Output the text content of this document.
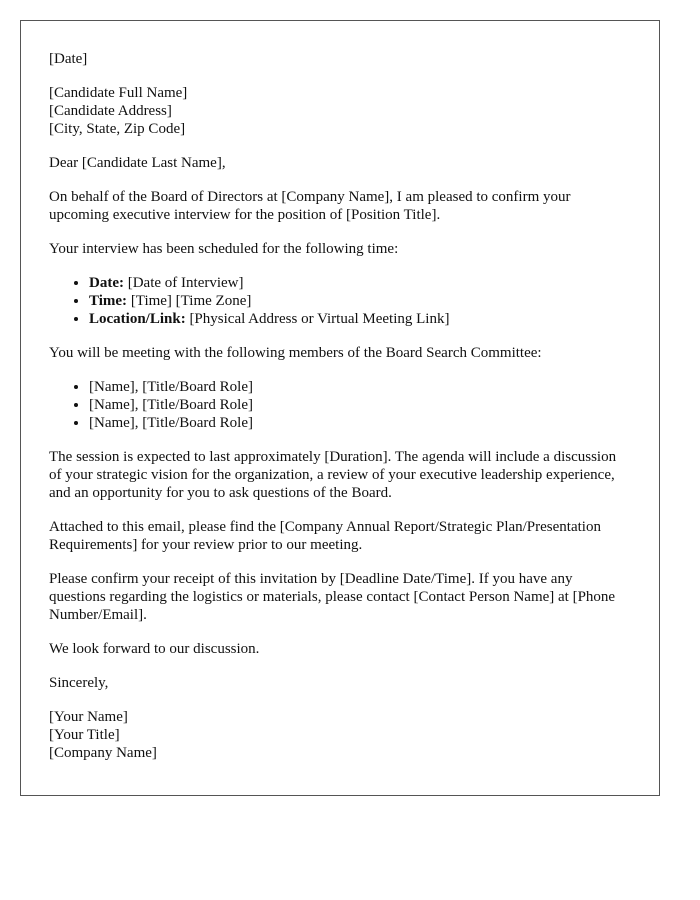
[Date]

[Candidate Full Name]
[Candidate Address]
[City, State, Zip Code]

Dear [Candidate Last Name],

On behalf of the Board of Directors at [Company Name], I am pleased to confirm your upcoming executive interview for the position of [Position Title].

Your interview has been scheduled for the following time:

• Date: [Date of Interview]
• Time: [Time] [Time Zone]
• Location/Link: [Physical Address or Virtual Meeting Link]

You will be meeting with the following members of the Board Search Committee:

• [Name], [Title/Board Role]
• [Name], [Title/Board Role]
• [Name], [Title/Board Role]

The session is expected to last approximately [Duration]. The agenda will include a discussion of your strategic vision for the organization, a review of your executive leadership experience, and an opportunity for you to ask questions of the Board.

Attached to this email, please find the [Company Annual Report/Strategic Plan/Presentation Requirements] for your review prior to our meeting.

Please confirm your receipt of this invitation by [Deadline Date/Time]. If you have any questions regarding the logistics or materials, please contact [Contact Person Name] at [Phone Number/Email].

We look forward to our discussion.

Sincerely,

[Your Name]
[Your Title]
[Company Name]
